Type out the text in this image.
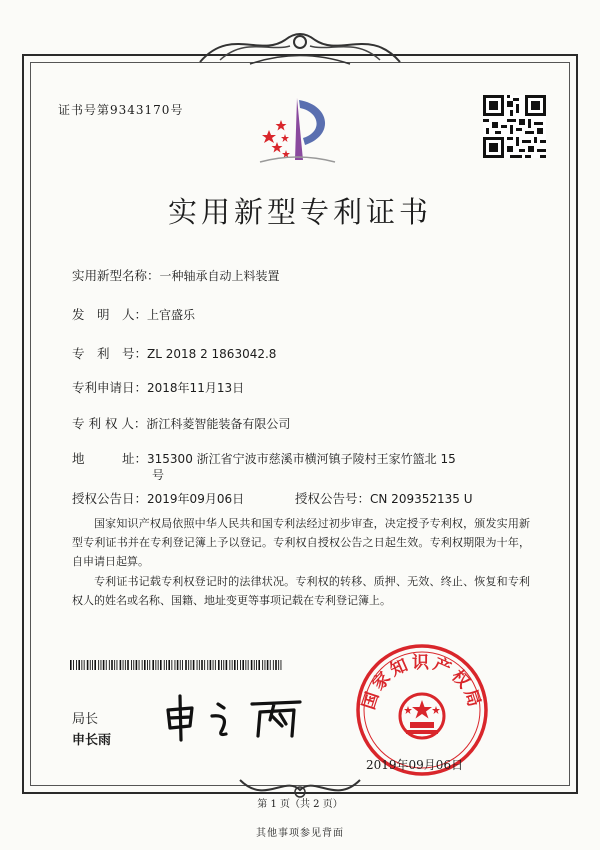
证书号第9343170号
实用新型专利证书
实用新型名称：一种轴承自动上料装置
发　明　人：上官盛乐
专　利　号：ZL 2018 2 1863042.8
专利申请日：2018年11月13日
专 利 权 人：浙江科菱智能装备有限公司
地　　　址：315300 浙江省宁波市慈溪市横河镇子陵村王家竹篮北 15
号
授权公告日：2019年09月06日	授权公告号：CN 209352135 U
国家知识产权局依照中华人民共和国专利法经过初步审查，决定授予专利权，颁发实用新型专利证书并在专利登记簿上予以登记。专利权自授权公告之日起生效。专利权期限为十年，自申请日起算。
专利证书记载专利权登记时的法律状况。专利权的转移、质押、无效、终止、恢复和专利权人的姓名或名称、国籍、地址变更等事项记载在专利登记簿上。
局长
申长雨
国家知识产权局
2019年09月06日
第 1 页（共 2 页）
其他事项参见背面
